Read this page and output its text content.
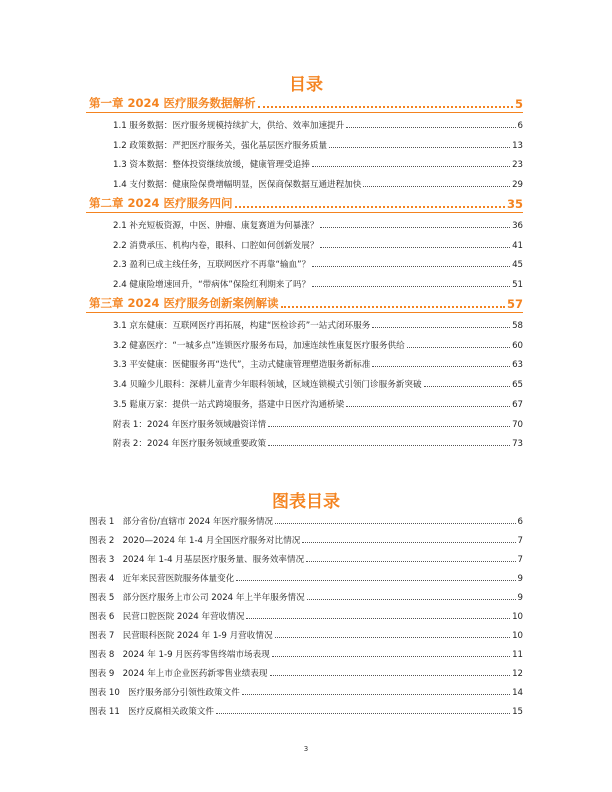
目录
第一章 2024 医疗服务数据解析	5
1.1 服务数据：医疗服务规模持续扩大，供给、效率加速提升	6
1.2 政策数据：严把医疗服务关，强化基层医疗服务质量	13
1.3 资本数据：整体投资继续放缓，健康管理受追捧	23
1.4 支付数据：健康险保费增幅明显，医保商保数据互通进程加快	29
第二章 2024 医疗服务四问	35
2.1 补充短板资源，中医、肿瘤、康复赛道为何暴涨？	36
2.2 消费承压、机构内卷，眼科、口腔如何创新发展？	41
2.3 盈利已成主线任务，互联网医疗不再靠“输血”？	45
2.4 健康险增速回升，“带病体”保险红利期来了吗？	51
第三章 2024 医疗服务创新案例解读	57
3.1 京东健康：互联网医疗再拓展，构建“医检诊药”一站式闭环服务	58
3.2 健嘉医疗：“一城多点”连锁医疗服务布局，加速连续性康复医疗服务供给	60
3.3 平安健康：医健服务再“迭代”，主动式健康管理塑造服务新标准	63
3.4 贝瞳少儿眼科：深耕儿童青少年眼科领域，区域连锁模式引领门诊服务新突破	65
3.5 鬆康万家：提供一站式跨境服务，搭建中日医疗沟通桥梁	67
附表 1：2024 年医疗服务领域融资详情	70
附表 2：2024 年医疗服务领域重要政策	73
图表目录
图表 1 部分省份/直辖市 2024 年医疗服务情况	6
图表 2 2020—2024 年 1-4 月全国医疗服务对比情况	7
图表 3 2024 年 1-4 月基层医疗服务量、服务效率情况	7
图表 4 近年来民营医院服务体量变化	9
图表 5 部分医疗服务上市公司 2024 年上半年服务情况	9
图表 6 民营口腔医院 2024 年营收情况	10
图表 7 民营眼科医院 2024 年 1-9 月营收情况	10
图表 8 2024 年 1-9 月医药零售终端市场表现	11
图表 9 2024 年上市企业医药新零售业绩表现	12
图表 10 医疗服务部分引领性政策文件	14
图表 11 医疗反腐相关政策文件	15
3
